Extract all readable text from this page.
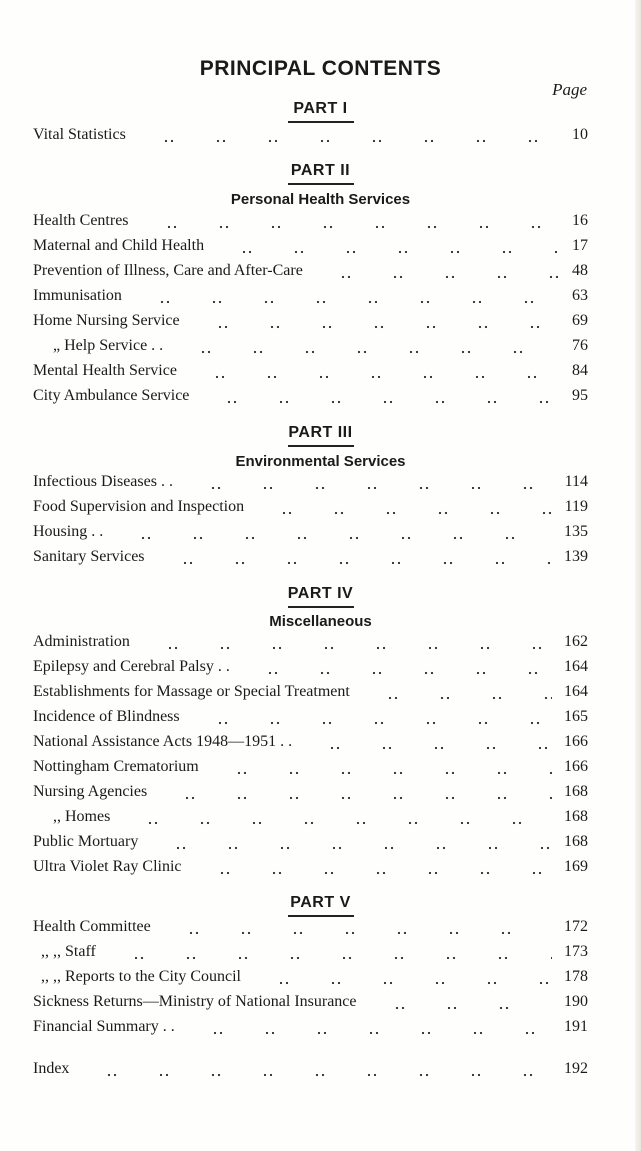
PRINCIPAL CONTENTS
Page
PART I
Vital Statistics	10
PART II
Personal Health Services
Health Centres	16
Maternal and Child Health	17
Prevention of Illness, Care and After-Care	48
Immunisation	63
Home Nursing Service	69
„ Help Service . .	76
Mental Health Service	84
City Ambulance Service	95
PART III
Environmental Services
Infectious Diseases . .	114
Food Supervision and Inspection	119
Housing . .	135
Sanitary Services	139
PART IV
Miscellaneous
Administration	162
Epilepsy and Cerebral Palsy . .	164
Establishments for Massage or Special Treatment	164
Incidence of Blindness	165
National Assistance Acts 1948—1951 . .	166
Nottingham Crematorium	166
Nursing Agencies	168
,, Homes	168
Public Mortuary	168
Ultra Violet Ray Clinic	169
PART V
Health Committee	172
,, ,, Staff	173
,, ,, Reports to the City Council	178
Sickness Returns—Ministry of National Insurance	190
Financial Summary . .	191
Index	192
